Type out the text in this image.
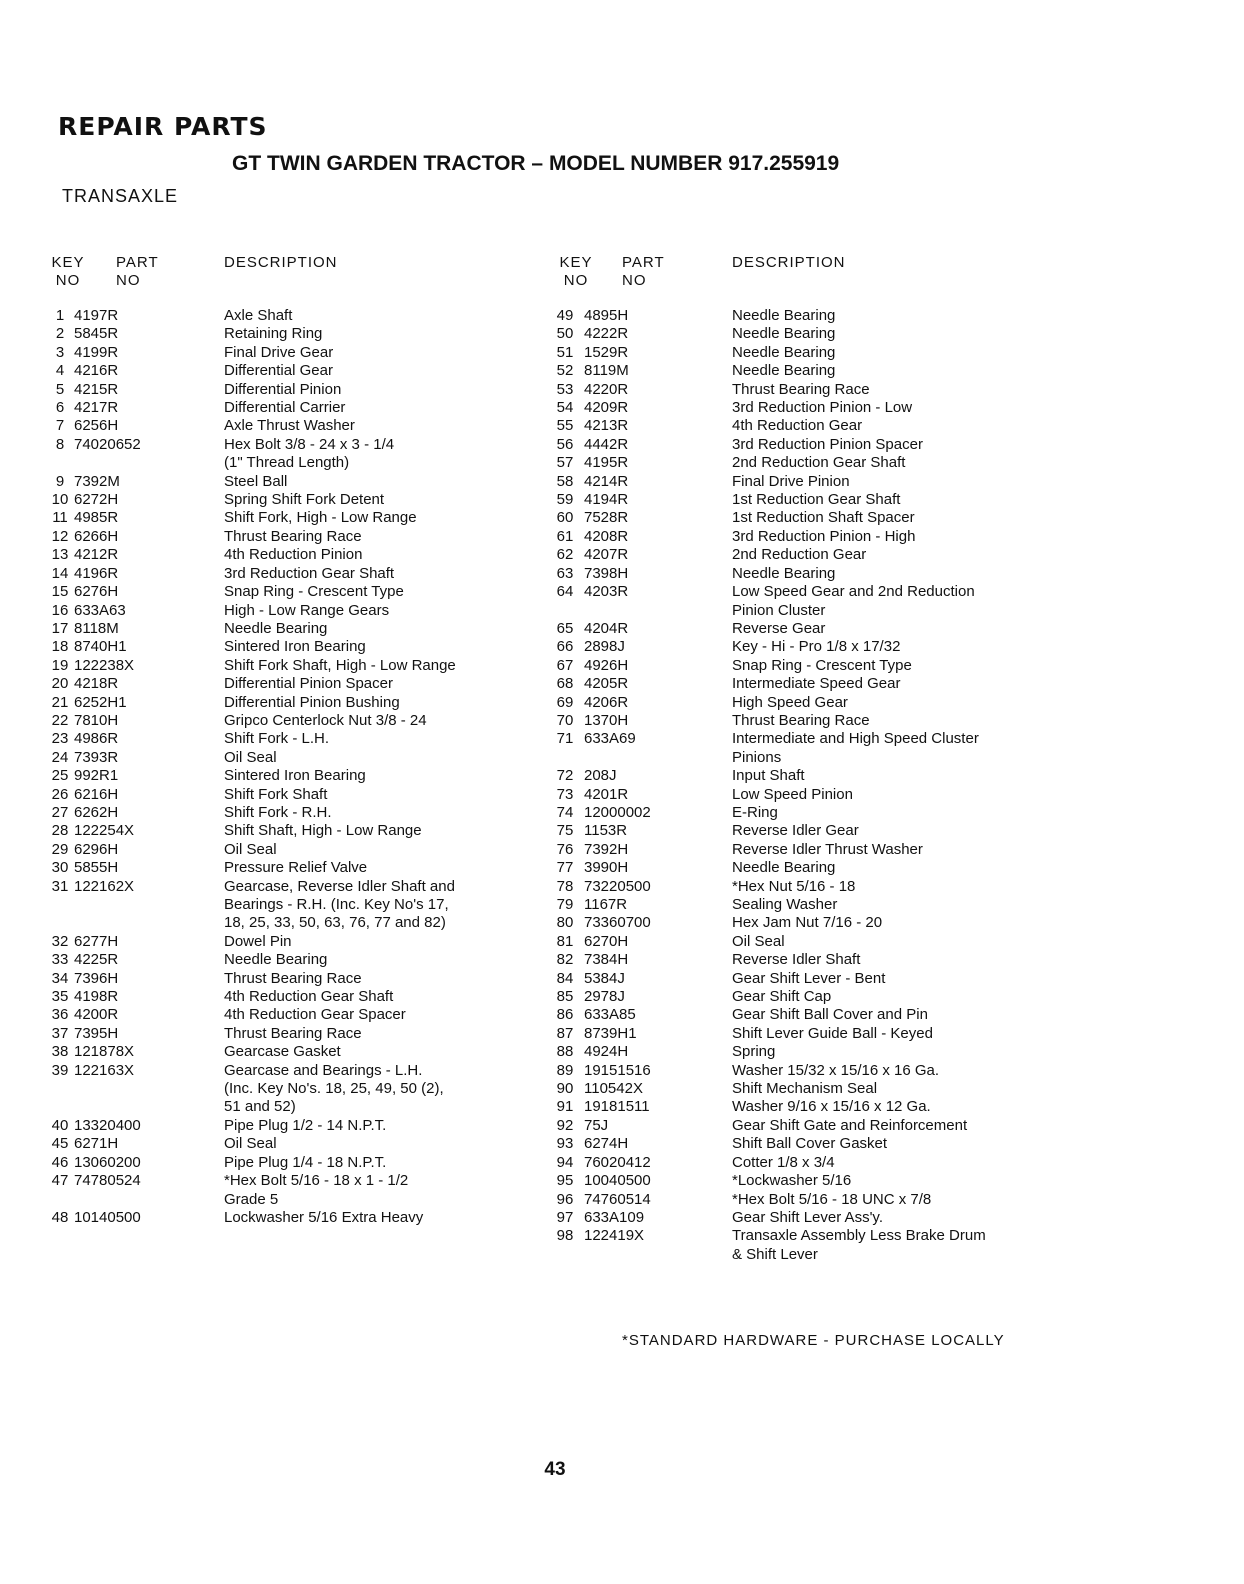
REPAIR PARTS
GT TWIN GARDEN TRACTOR – MODEL NUMBER 917.255919
TRANSAXLE
KEY NO
PART NO
DESCRIPTION	KEY NO
PART NO
DESCRIPTION
1 4197R	Axle Shaft
2 5845R	Retaining Ring
3 4199R	Final Drive Gear
4 4216R	Differential Gear
5 4215R	Differential Pinion
6 4217R	Differential Carrier
7 6256H	Axle Thrust Washer
8 74020652	Hex Bolt 3/8 - 24 x 3 - 1/4
(1" Thread Length)
9 7392M	Steel Ball
10 6272H	Spring Shift Fork Detent
11 4985R	Shift Fork, High - Low Range
12 6266H	Thrust Bearing Race
13 4212R	4th Reduction Pinion
14 4196R	3rd Reduction Gear Shaft
15 6276H	Snap Ring - Crescent Type
16 633A63	High - Low Range Gears
17 8118M	Needle Bearing
18 8740H1	Sintered Iron Bearing
19 122238X	Shift Fork Shaft, High - Low Range
20 4218R	Differential Pinion Spacer
21 6252H1	Differential Pinion Bushing
22 7810H	Gripco Centerlock Nut 3/8 - 24
23 4986R	Shift Fork - L.H.
24 7393R	Oil Seal
25 992R1	Sintered Iron Bearing
26 6216H	Shift Fork Shaft
27 6262H	Shift Fork - R.H.
28 122254X	Shift Shaft, High - Low Range
29 6296H	Oil Seal
30 5855H	Pressure Relief Valve
31 122162X	Gearcase, Reverse Idler Shaft and
Bearings - R.H. (Inc. Key No's 17,
18, 25, 33, 50, 63, 76, 77 and 82)
32 6277H	Dowel Pin
33 4225R	Needle Bearing
34 7396H	Thrust Bearing Race
35 4198R	4th Reduction Gear Shaft
36 4200R	4th Reduction Gear Spacer
37 7395H	Thrust Bearing Race
38 121878X	Gearcase Gasket
39 122163X	Gearcase and Bearings - L.H.
(Inc. Key No's. 18, 25, 49, 50 (2),
51 and 52)
40 13320400	Pipe Plug 1/2 - 14 N.P.T.
45 6271H	Oil Seal
46 13060200	Pipe Plug 1/4 - 18 N.P.T.
47 74780524	*Hex Bolt 5/16 - 18 x 1 - 1/2
Grade 5
48 10140500	Lockwasher 5/16 Extra Heavy
49 4895H	Needle Bearing
50 4222R	Needle Bearing
51 1529R	Needle Bearing
52 8119M	Needle Bearing
53 4220R	Thrust Bearing Race
54 4209R	3rd Reduction Pinion - Low
55 4213R	4th Reduction Gear
56 4442R	3rd Reduction Pinion Spacer
57 4195R	2nd Reduction Gear Shaft
58 4214R	Final Drive Pinion
59 4194R	1st Reduction Gear Shaft
60 7528R	1st Reduction Shaft Spacer
61 4208R	3rd Reduction Pinion - High
62 4207R	2nd Reduction Gear
63 7398H	Needle Bearing
64 4203R	Low Speed Gear and 2nd Reduction
Pinion Cluster
65 4204R	Reverse Gear
66 2898J	Key - Hi - Pro 1/8 x 17/32
67 4926H	Snap Ring - Crescent Type
68 4205R	Intermediate Speed Gear
69 4206R	High Speed Gear
70 1370H	Thrust Bearing Race
71 633A69	Intermediate and High Speed Cluster
Pinions
72 208J	Input Shaft
73 4201R	Low Speed Pinion
74 12000002	E-Ring
75 1153R	Reverse Idler Gear
76 7392H	Reverse Idler Thrust Washer
77 3990H	Needle Bearing
78 73220500	*Hex Nut 5/16 - 18
79 1167R	Sealing Washer
80 73360700	Hex Jam Nut 7/16 - 20
81 6270H	Oil Seal
82 7384H	Reverse Idler Shaft
84 5384J	Gear Shift Lever - Bent
85 2978J	Gear Shift Cap
86 633A85	Gear Shift Ball Cover and Pin
87 8739H1	Shift Lever Guide Ball - Keyed
88 4924H	Spring
89 19151516	Washer 15/32 x 15/16 x 16 Ga.
90 110542X	Shift Mechanism Seal
91 19181511	Washer 9/16 x 15/16 x 12 Ga.
92 75J	Gear Shift Gate and Reinforcement
93 6274H	Shift Ball Cover Gasket
94 76020412	Cotter 1/8 x 3/4
95 10040500	*Lockwasher 5/16
96 74760514	*Hex Bolt 5/16 - 18 UNC x 7/8
97 633A109	Gear Shift Lever Ass'y.
98 122419X	Transaxle Assembly Less Brake Drum
& Shift Lever
*STANDARD HARDWARE - PURCHASE LOCALLY
43
